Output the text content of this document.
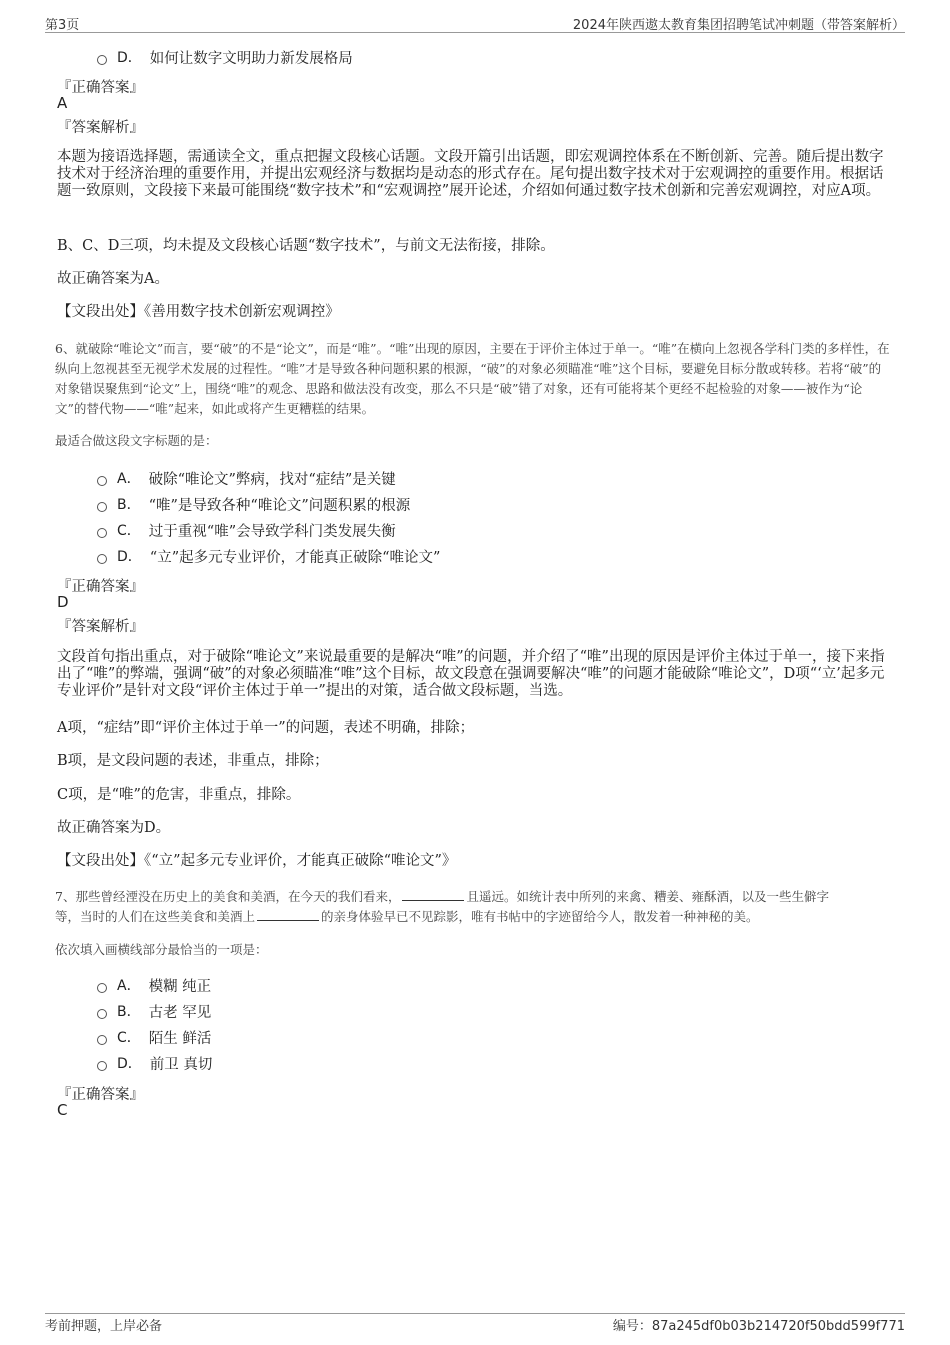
第3页	2024年陕西遨太教育集团招聘笔试冲刺题（带答案解析）
D． 如何让数字文明助力新发展格局
『正确答案』
A
『答案解析』
本题为接语选择题，需通读全文，重点把握文段核心话题。文段开篇引出话题，即宏观调控体系在不断创新、完善。随后提出数字技术对于经济治理的重要作用，并提出宏观经济与数据均是动态的形式存在。尾句提出数字技术对于宏观调控的重要作用。根据话题一致原则，文段接下来最可能围绕“数字技术”和“宏观调控”展开论述，介绍如何通过数字技术创新和完善宏观调控，对应A项。
B、C、D三项，均未提及文段核心话题“数字技术”，与前文无法衔接，排除。
故正确答案为A。
【文段出处】《善用数字技术创新宏观调控》
6、就破除“唯论文”而言，要“破”的不是“论文”，而是“唯”。“唯”出现的原因，主要在于评价主体过于单一。“唯”在横向上忽视各学科门类的多样性，在纵向上忽视甚至无视学术发展的过程性。“唯”才是导致各种问题积累的根源，“破”的对象必须瞄准“唯”这个目标，要避免目标分散或转移。若将“破”的对象错误聚焦到“论文”上，围绕“唯”的观念、思路和做法没有改变，那么不只是“破”错了对象，还有可能将某个更经不起检验的对象——被作为“论文”的替代物——“唯”起来，如此或将产生更糟糕的结果。
最适合做这段文字标题的是：
A． 破除“唯论文”弊病，找对“症结”是关键
B． “唯”是导致各种“唯论文”问题积累的根源
C． 过于重视“唯”会导致学科门类发展失衡
D． “立”起多元专业评价，才能真正破除“唯论文”
『正确答案』
D
『答案解析』
文段首句指出重点，对于破除“唯论文”来说最重要的是解决“唯”的问题，并介绍了“唯”出现的原因是评价主体过于单一，接下来指出了“唯”的弊端，强调“破”的对象必须瞄准“唯”这个目标，故文段意在强调要解决“唯”的问题才能破除“唯论文”，D项“‘立’起多元专业评价”是针对文段“评价主体过于单一”提出的对策，适合做文段标题，当选。
A项，“症结”即“评价主体过于单一”的问题，表述不明确，排除；
B项，是文段问题的表述，非重点，排除；
C项，是“唯”的危害，非重点，排除。
故正确答案为D。
【文段出处】《“立”起多元专业评价，才能真正破除“唯论文”》

7、那些曾经湮没在历史上的美食和美酒，在今天的我们看来，	且遥远。如统计表中所列的来禽、糟姜、雍酥酒，以及一些生僻字

等，当时的人们在这些美食和美酒上	的亲身体验早已不见踪影，唯有书帖中的字迹留给今人，散发着一种神秘的美。

依次填入画横线部分最恰当的一项是：
A． 模糊 纯正
B． 古老 罕见
C． 陌生 鲜活
D． 前卫 真切
『正确答案』
C
考前押题，上岸必备	编号：87a245df0b03b214720f50bdd599f771
